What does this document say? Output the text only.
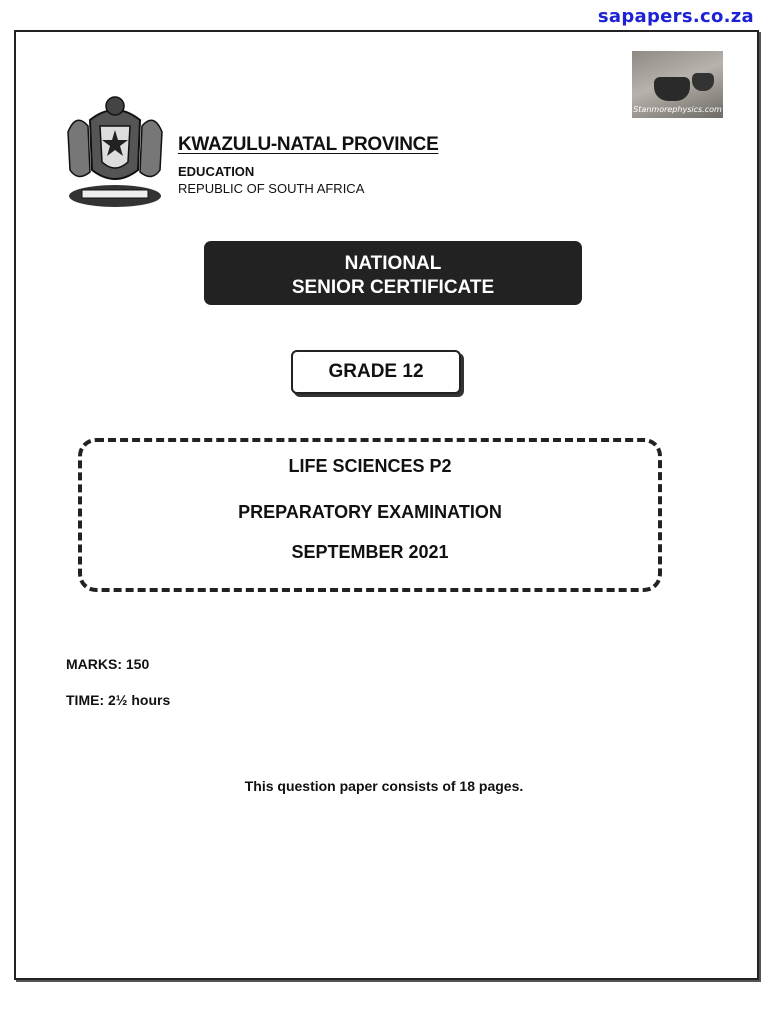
sapapers.co.za
Stanmorephysics.com
KWAZULU-NATAL PROVINCE
EDUCATION
REPUBLIC OF SOUTH AFRICA
NATIONAL
SENIOR CERTIFICATE
GRADE 12
LIFE SCIENCES P2
PREPARATORY EXAMINATION
SEPTEMBER 2021
MARKS: 150
TIME: 2½ hours
This question paper consists of 18 pages.
